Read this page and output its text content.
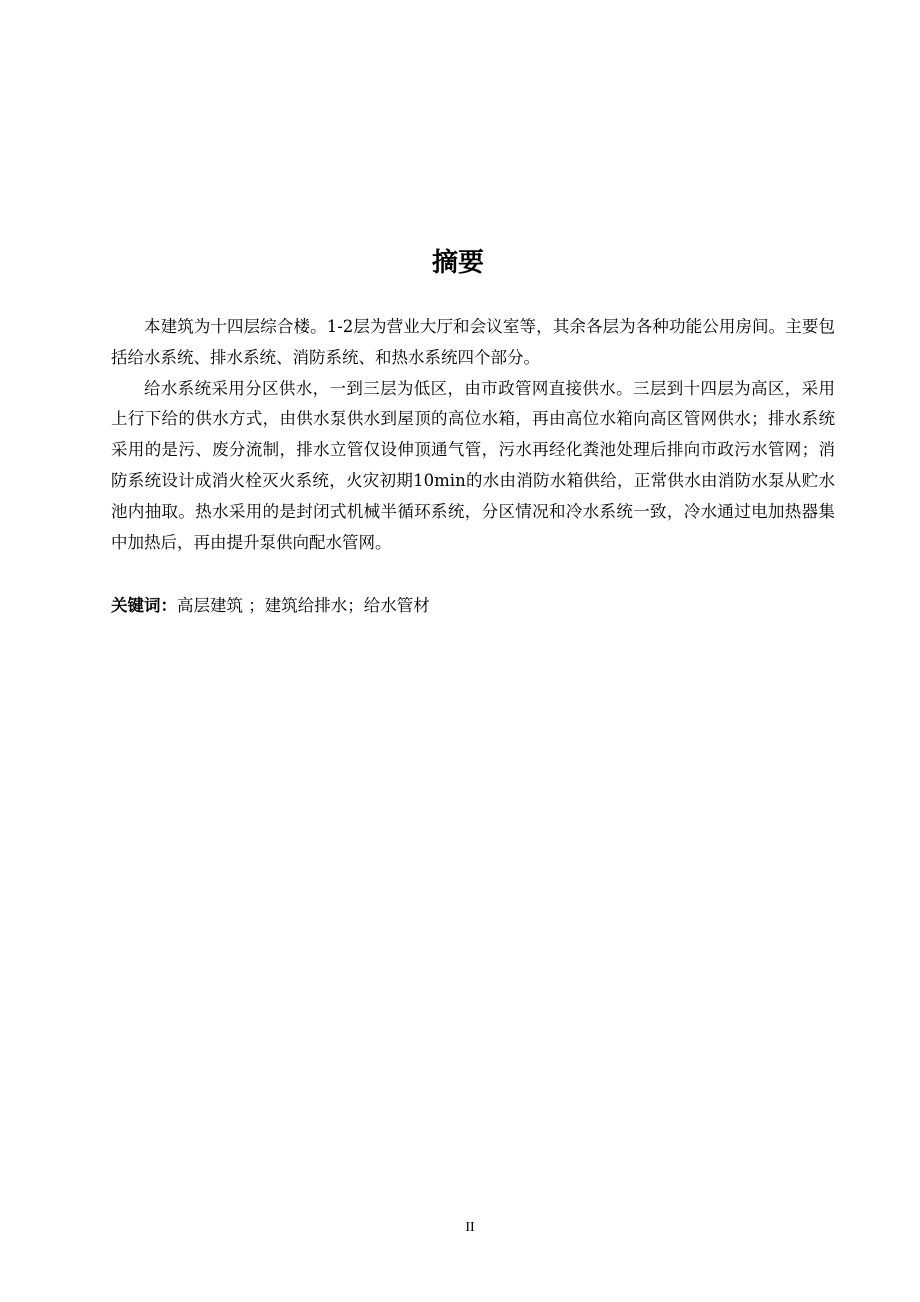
摘要

本建筑为十四层综合楼。1-2层为营业大厅和会议室等，其余各层为各种功能公用房间。主要包括给水系统、排水系统、消防系统、和热水系统四个部分。

给水系统采用分区供水，一到三层为低区，由市政管网直接供水。三层到十四层为高区，采用上行下给的供水方式，由供水泵供水到屋顶的高位水箱，再由高位水箱向高区管网供水；排水系统采用的是污、废分流制，排水立管仅设伸顶通气管，污水再经化粪池处理后排向市政污水管网；消防系统设计成消火栓灭火系统，火灾初期10min的水由消防水箱供给，正常供水由消防水泵从贮水池内抽取。热水采用的是封闭式机械半循环系统，分区情况和冷水系统一致，冷水通过电加热器集中加热后，再由提升泵供向配水管网。

关键词：高层建筑 ；建筑给排水；给水管材

II
